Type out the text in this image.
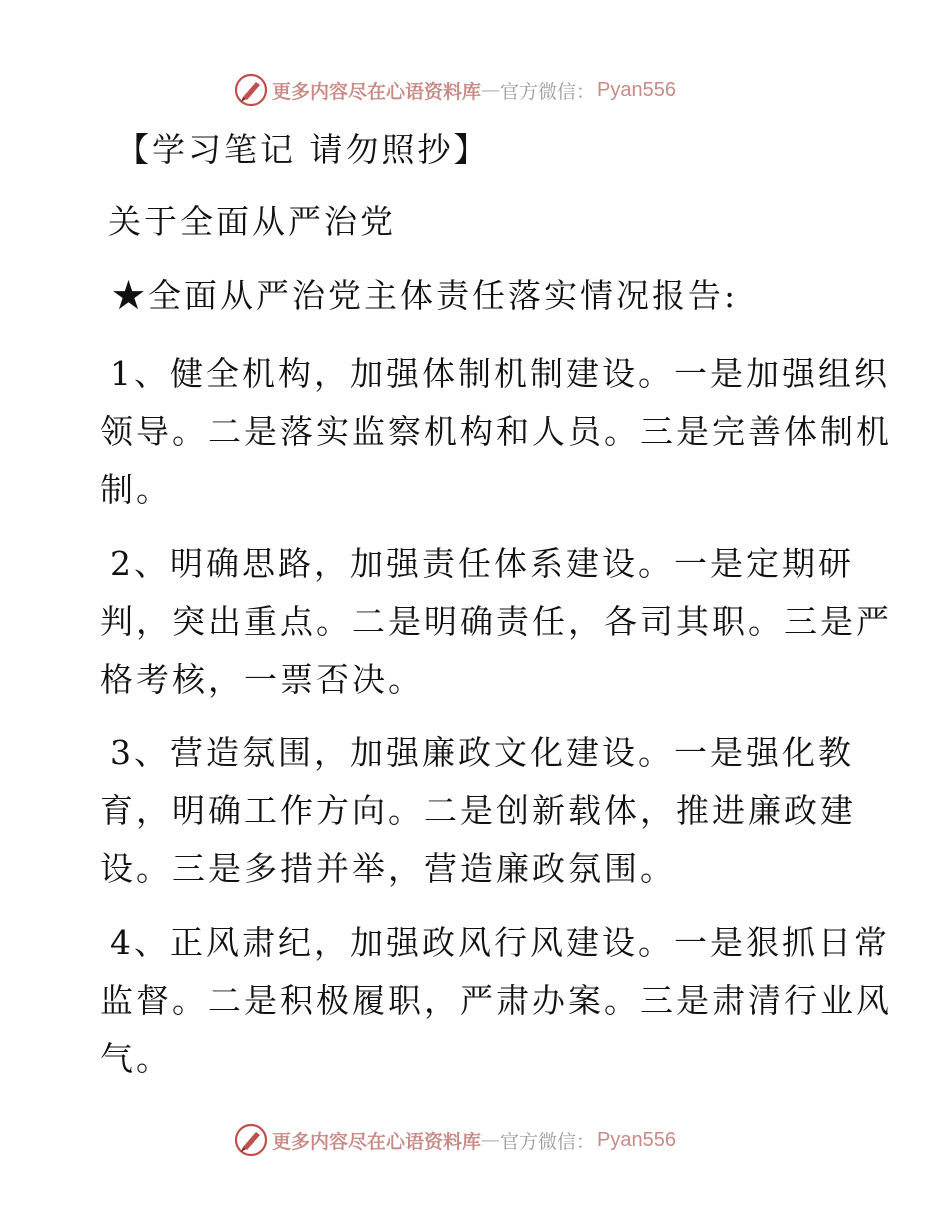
更多内容尽在心语资料库 — 官方微信： Pyan556
【学习笔记 请勿照抄】
关于全面从严治党
★全面从严治党主体责任落实情况报告:
1、健全机构，加强体制机制建设。一是加强组织
领导。二是落实监察机构和人员。三是完善体制机
制。
2、明确思路，加强责任体系建设。一是定期研
判，突出重点。二是明确责任，各司其职。三是严
格考核，一票否决。
3、营造氛围，加强廉政文化建设。一是强化教
育，明确工作方向。二是创新载体，推进廉政建
设。三是多措并举，营造廉政氛围。
4、正风肃纪，加强政风行风建设。一是狠抓日常
监督。二是积极履职，严肃办案。三是肃清行业风
气。
更多内容尽在心语资料库 — 官方微信： Pyan556
